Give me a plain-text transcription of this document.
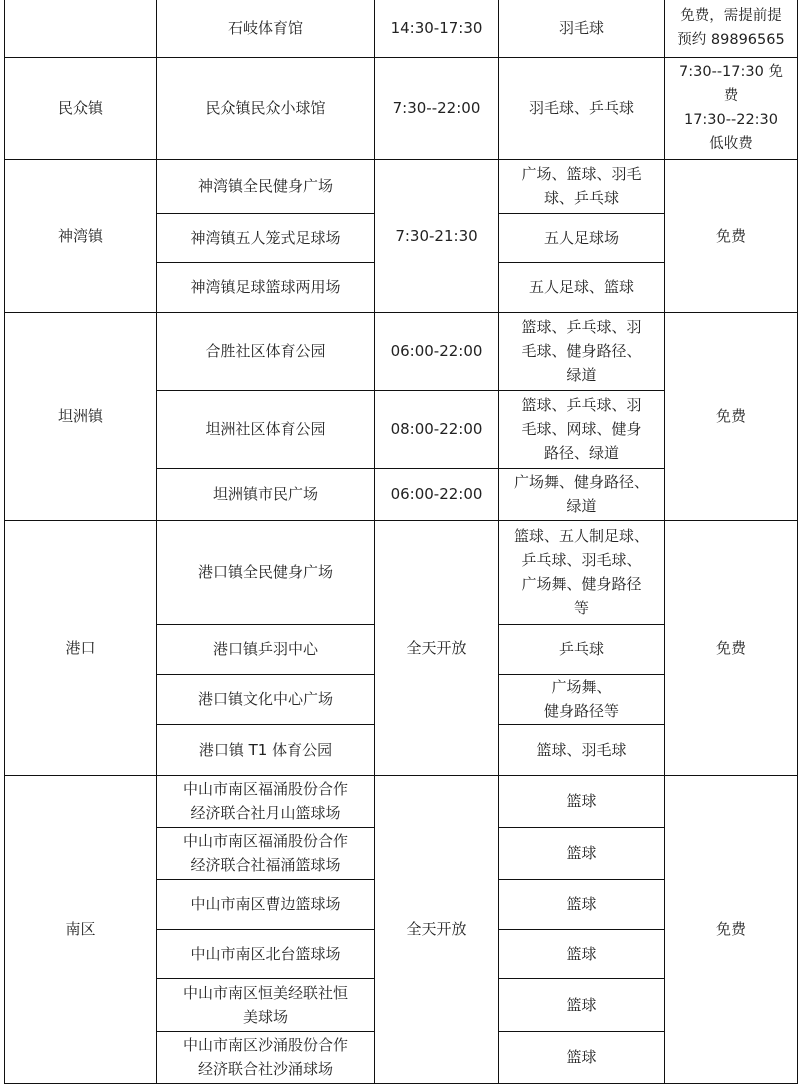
	石岐体育馆	14:30-17:30	羽毛球	免费，需提前提
预约 89896565
民众镇	民众镇民众小球馆	7:30--22:00	羽毛球、乒乓球	7:30--17:30 免
费
17:30--22:30
低收费
神湾镇	神湾镇全民健身广场	7:30-21:30	广场、篮球、羽毛
球、乒乓球	免费
	神湾镇五人笼式足球场		五人足球场	
	神湾镇足球篮球两用场		五人足球、篮球	
坦洲镇	合胜社区体育公园	06:00-22:00	篮球、乒乓球、羽
毛球、健身路径、
绿道	免费
	坦洲社区体育公园	08:00-22:00	篮球、乒乓球、羽
毛球、网球、健身
路径、绿道	
	坦洲镇市民广场	06:00-22:00	广场舞、健身路径、
绿道	
港口	港口镇全民健身广场	全天开放	篮球、五人制足球、
乒乓球、羽毛球、
广场舞、健身路径
等	免费
	港口镇乒羽中心		乒乓球	
	港口镇文化中心广场		广场舞、
健身路径等	
	港口镇 T1 体育公园		篮球、羽毛球	
南区	中山市南区福涌股份合作
经济联合社月山篮球场	全天开放	篮球	免费
	中山市南区福涌股份合作
经济联合社福涌篮球场		篮球	
	中山市南区曹边篮球场		篮球	
	中山市南区北台篮球场		篮球	
	中山市南区恒美经联社恒
美球场		篮球	
	中山市南区沙涌股份合作
经济联合社沙涌球场		篮球	
